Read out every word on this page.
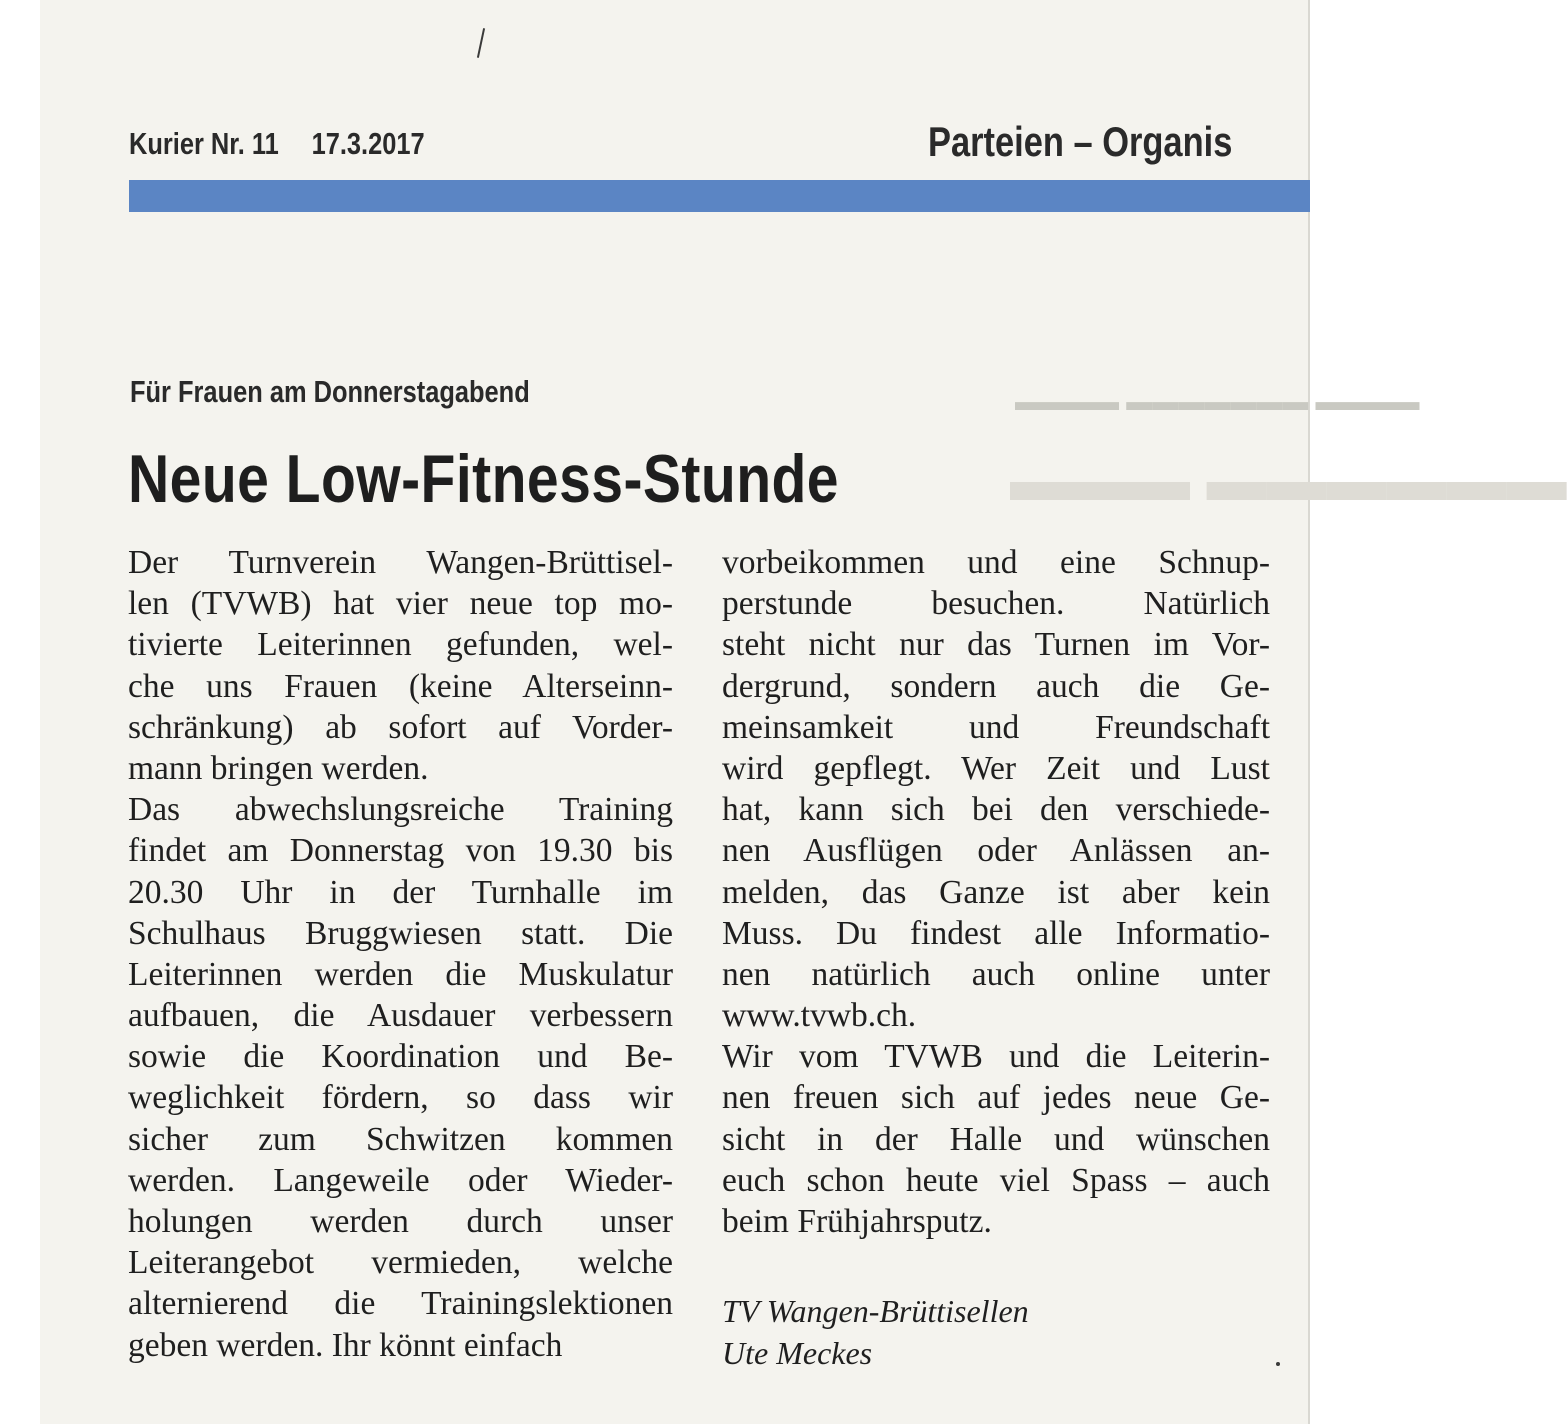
▬▬▬▬ ▬▬▬▬▬▬▬ ▬▬▬▬
▬▬▬ ▬▬▬▬▬▬
Kurier Nr. 11 17.3.2017	Parteien – Organis
Für Frauen am Donnerstagabend
Neue Low-Fitness-Stunde
Der Turnverein Wangen-Brüttisel-
len (TVWB) hat vier neue top mo-
tivierte Leiterinnen gefunden, wel-
che uns Frauen (keine Alterseinn-
schränkung) ab sofort auf Vorder-
mann bringen werden.
Das abwechslungsreiche Training
findet am Donnerstag von 19.30 bis
20.30 Uhr in der Turnhalle im
Schulhaus Bruggwiesen statt. Die
Leiterinnen werden die Muskulatur
aufbauen, die Ausdauer verbessern
sowie die Koordination und Be-
weglichkeit fördern, so dass wir
sicher zum Schwitzen kommen
werden. Langeweile oder Wieder-
holungen werden durch unser
Leiterangebot vermieden, welche
alternierend die Trainingslektionen
geben werden. Ihr könnt einfach
vorbeikommen und eine Schnup-
perstunde besuchen. Natürlich
steht nicht nur das Turnen im Vor-
dergrund, sondern auch die Ge-
meinsamkeit und Freundschaft
wird gepflegt. Wer Zeit und Lust
hat, kann sich bei den verschiede-
nen Ausflügen oder Anlässen an-
melden, das Ganze ist aber kein
Muss. Du findest alle Informatio-
nen natürlich auch online unter
www.tvwb.ch.
Wir vom TVWB und die Leiterin-
nen freuen sich auf jedes neue Ge-
sicht in der Halle und wünschen
euch schon heute viel Spass – auch
beim Frühjahrsputz.
TV Wangen-Brüttisellen
Ute Meckes
